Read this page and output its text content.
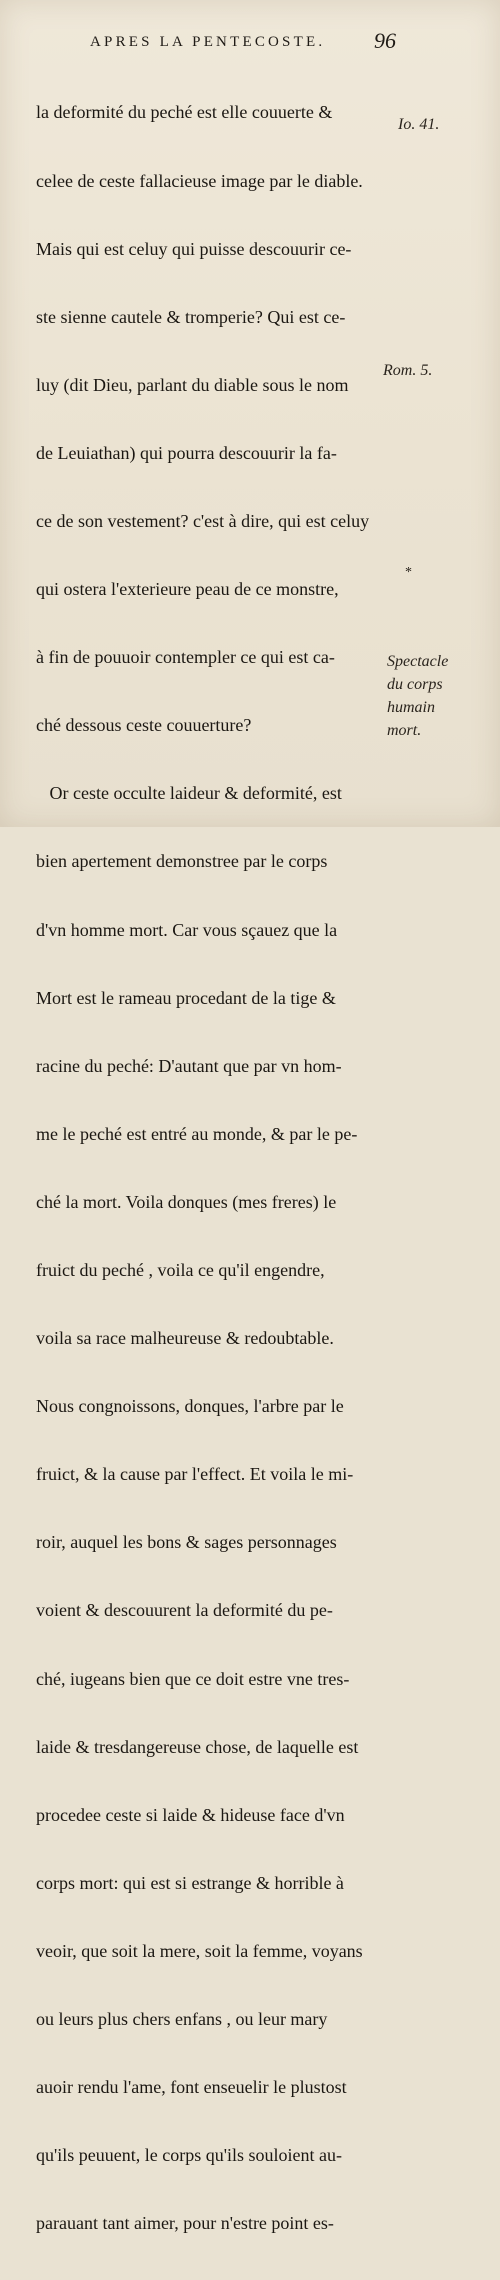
APRES LA PENTECOSTE. 96

la deformité du peché est elle couuerte &

celee de ceste fallacieuse image par le diable.

Mais qui est celuy qui puisse descouurir ce-

ste sienne cautele & tromperie? Qui est ce-

luy (dit Dieu, parlant du diable sous le nom

de Leuiathan) qui pourra descouurir la fa-

ce de son vestement? c'est à dire, qui est celuy

qui ostera l'exterieure peau de ce monstre,

à fin de pouuoir contempler ce qui est ca-

ché dessous ceste couuerture?

Or ceste occulte laideur & deformité, est

bien apertement demonstree par le corps

d'vn homme mort. Car vous sçauez que la

Mort est le rameau procedant de la tige &

racine du peché: D'autant que par vn hom-

me le peché est entré au monde, & par le pe-

ché la mort. Voila donques (mes freres) le

fruict du peché , voila ce qu'il engendre,

voila sa race malheureuse & redoubtable.

Nous congnoissons, donques, l'arbre par le

fruict, & la cause par l'effect. Et voila le mi-

roir, auquel les bons & sages personnages

voient & descouurent la deformité du pe-

ché, iugeans bien que ce doit estre vne tres-

laide & tresdangereuse chose, de laquelle est

procedee ceste si laide & hideuse face d'vn

corps mort: qui est si estrange & horrible à

veoir, que soit la mere, soit la femme, voyans

ou leurs plus chers enfans , ou leur mary

auoir rendu l'ame, font enseuelir le plustost

qu'ils peuuent, le corps qu'ils souloient au-

parauant tant aimer, pour n'estre point es-

Io. 41.
Rom. 5.
*
Spectacle
du corps
humain
mort.
